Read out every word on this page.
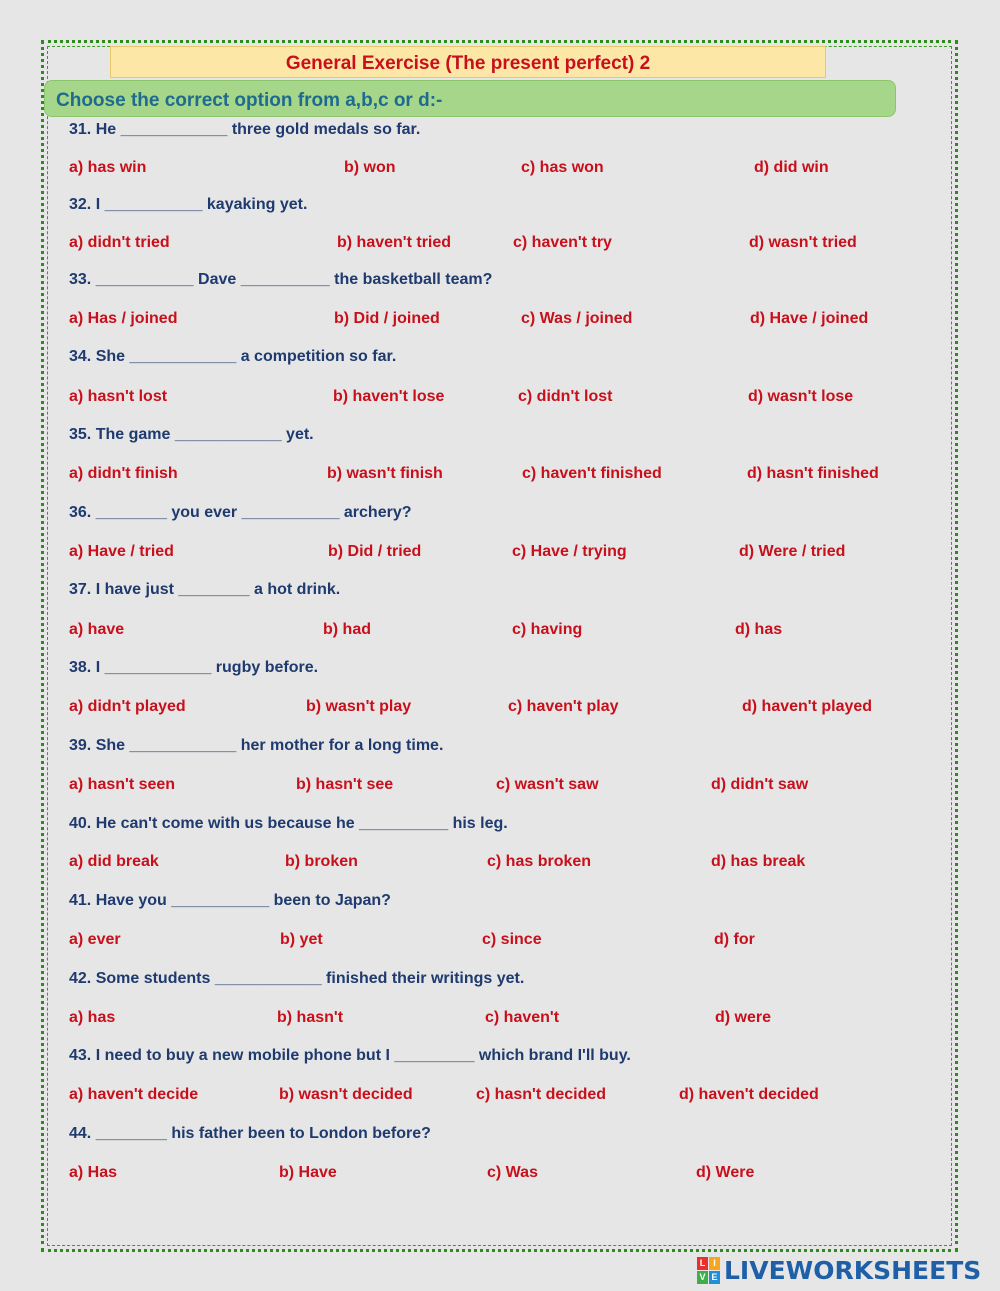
General Exercise (The present perfect) 2
Choose the correct option from a,b,c or d:-

31. He ____________ three gold medals so far.

a) has win	b) won	c) has won	d) did win

32. I ___________ kayaking yet.

a) didn't tried	b) haven't tried	c) haven't try	d) wasn't tried

33. ___________ Dave __________ the basketball team?

a) Has / joined	b) Did / joined	c) Was / joined	d) Have / joined

34. She ____________ a competition so far.

a) hasn't lost	b) haven't lose	c) didn't lost	d) wasn't lose

35. The game ____________ yet.

a) didn't finish	b) wasn't finish	c) haven't finished	d) hasn't finished

36. ________ you ever ___________ archery?

a) Have / tried	b) Did / tried	c) Have / trying	d) Were / tried

37. I have just ________ a hot drink.

a) have	b) had	c) having	d) has

38. I ____________ rugby before.

a) didn't played	b) wasn't play	c) haven't play	d) haven't played

39. She ____________ her mother for a long time.

a) hasn't seen	b) hasn't see	c) wasn't saw	d) didn't saw

40. He can't come with us because he __________ his leg.

a) did break	b) broken	c) has broken	d) has break

41. Have you ___________ been to Japan?

a) ever	b) yet	c) since	d) for

42. Some students ____________ finished their writings yet.

a) has	b) hasn't	c) haven't	d) were

43. I need to buy a new mobile phone but I _________ which brand I'll buy.

a) haven't decide	b) wasn't decided	c) hasn't decided	d) haven't decided

44. ________ his father been to London before?

a) Has	b) Have	c) Was	d) Were

L I
V E LIVEWORKSHEETS
